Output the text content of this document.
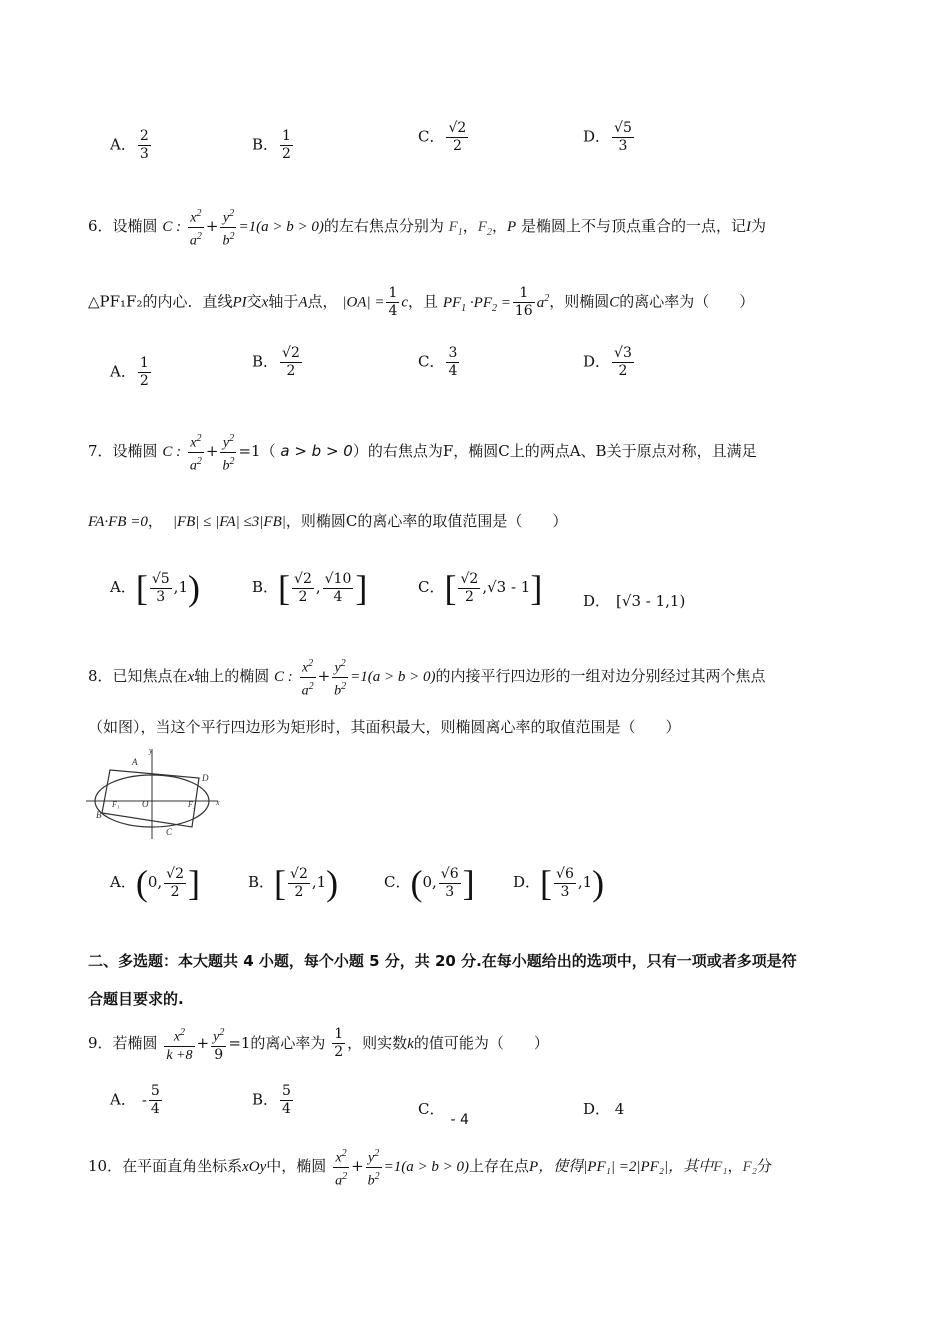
A． $\frac{2}{3}$	B． $\frac{1}{2}$	C． $\frac{√2}{2}$	D． $\frac{√5}{3}$
6．设椭圆 C : $\frac{x^2}{a^2} + \frac{y^2}{b^2} =1(a > b > 0)$的左右焦点分别为 $F_1$，$F_2$，P 是椭圆上不与顶点重合的一点，记I为
△PF₁F₂的内心．直线PI交x轴于A点， $|OA| = \frac{1}{4}$ c，且 $PF_1 \cdot PF_2 = \frac{1}{16} a^2$，则椭圆C的离心率为（　　）
A． $\frac{1}{2}$	B． $\frac{√2}{2}$	C． $\frac{3}{4}$	D． $\frac{√3}{2}$
7．设椭圆 C : $\frac{x^2}{a^2} + \frac{y^2}{b^2} =1$（ a > b > 0）的右焦点为F，椭圆C上的两点A、B关于原点对称，且满足
FA·FB =0， |FB| ≤ |FA| ≤3|FB|，则椭圆C的离心率的取值范围是（　　）
A．[ $\frac{√5}{3} ,1$)	B．[ $\frac{√2}{2}$ , $\frac{√10}{4}$ ]	C．[ $\frac{√2}{2} ,√3 - 1$]	D． [√3 - 1,1)
8．已知焦点在x轴上的椭圆 C : $\frac{x^2}{a^2} + \frac{y^2}{b^2} =1(a > b > 0)$的内接平行四边形的一组对边分别经过其两个焦点
（如图），当这个平行四边形为矩形时，其面积最大，则椭圆离心率的取值范围是（　　）
y
x
O
A
B
C
D
F₁	F₂
A．(0, $\frac{√2}{2}$ ]	B．[ $\frac{√2}{2} ,1$)	C．(0, $\frac{√6}{3}$ ]	D．[ $\frac{√6}{3} ,1$)
二、多选题：本大题共 4 小题，每个小题 5 分，共 20 分.在每小题给出的选项中，只有一项或者多项是符
合题目要求的.
9．若椭圆 $\frac{x^2}{k +8} + \frac{y^2}{9} =1$的离心率为 $\frac{1}{2}$ ，则实数k的值可能为（　　）
A． - $\frac{5}{4}$	B． $\frac{5}{4}$	C．- 4
D． 4
10．在平面直角坐标系xOy中，椭圆 $\frac{x^2}{a^2} + \frac{y^2}{b^2} =1(a > b > 0)$上存在点P，使得|PF₁| =2|PF₂|，其中F₁，F₂分
